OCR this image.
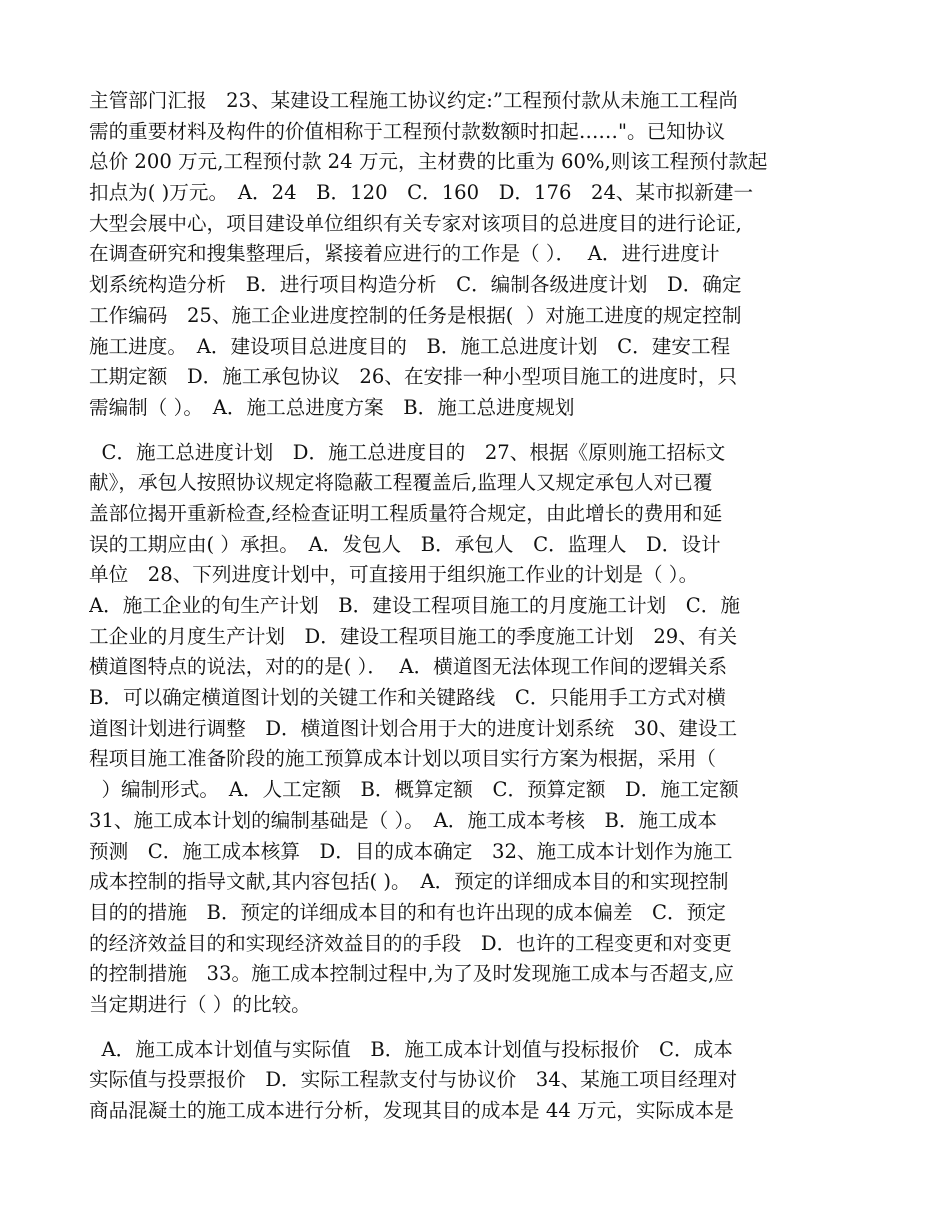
主管部门汇报　23、某建设工程施工协议约定:”工程预付款从未施工工程尚
需的重要材料及构件的价值相称于工程预付款数额时扣起……"。已知协议
总价 200 万元,工程预付款 24 万元，主材费的比重为 60%,则该工程预付款起
扣点为( )万元。　A．24　B．120　C．160　D．176　24、某市拟新建一
大型会展中心，项目建设单位组织有关专家对该项目的总进度目的进行论证,
在调查研究和搜集整理后，紧接着应进行的工作是（ ）．  A．进行进度计
划系统构造分析　B．进行项目构造分析　C．编制各级进度计划　D．确定
工作编码　25、施工企业进度控制的任务是根据(  ）对施工进度的规定控制
施工进度。　A．建设项目总进度目的　B．施工总进度计划　C．建安工程
工期定额　D．施工承包协议　26、在安排一种小型项目施工的进度时，只
需编制（ ）。　A．施工总进度方案　B．施工总进度规划
C．施工总进度计划　D．施工总进度目的　27、根据《原则施工招标文
献》，承包人按照协议规定将隐蔽工程覆盖后,监理人又规定承包人对已覆
盖部位揭开重新检查,经检查证明工程质量符合规定，由此增长的费用和延
误的工期应由( ）承担。　A．发包人　B．承包人　C．监理人　D．设计
单位　28、下列进度计划中，可直接用于组织施工作业的计划是（ ）。
A．施工企业的旬生产计划　B．建设工程项目施工的月度施工计划　C．施
工企业的月度生产计划　D．建设工程项目施工的季度施工计划　29、有关
横道图特点的说法，对的的是( ）．  A．横道图无法体现工作间的逻辑关系
B．可以确定横道图计划的关键工作和关键路线　C．只能用手工方式对横
道图计划进行调整　D．横道图计划合用于大的进度计划系统　30、建设工
程项目施工准备阶段的施工预算成本计划以项目实行方案为根据，采用（
）编制形式。　A．人工定额　B．概算定额　C．预算定额　D．施工定额
31、施工成本计划的编制基础是（ ）。　A．施工成本考核　B．施工成本
预测　C．施工成本核算　D．目的成本确定　32、施工成本计划作为施工
成本控制的指导文献,其内容包括( )。　A．预定的详细成本目的和实现控制
目的的措施　B．预定的详细成本目的和有也许出现的成本偏差　C．预定
的经济效益目的和实现经济效益目的的手段　D．也许的工程变更和对变更
的控制措施　33。施工成本控制过程中,为了及时发现施工成本与否超支,应
当定期进行（ ）的比较。
A．施工成本计划值与实际值　B．施工成本计划值与投标报价　C．成本
实际值与投票报价　D．实际工程款支付与协议价　34、某施工项目经理对
商品混凝土的施工成本进行分析，发现其目的成本是 44 万元，实际成本是
